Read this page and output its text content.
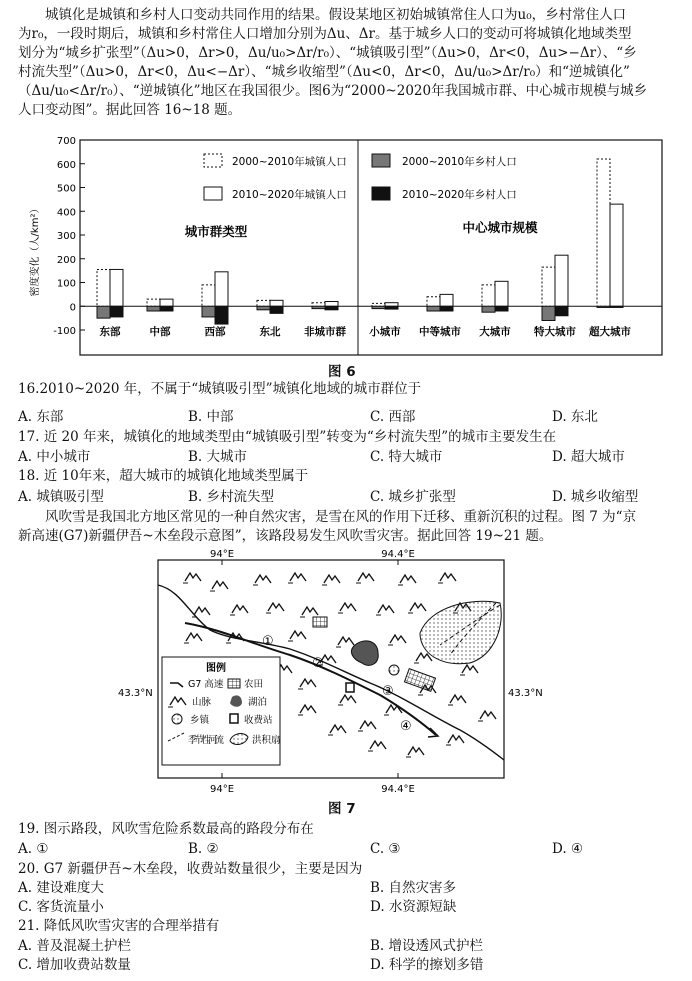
城镇化是城镇和乡村人口变动共同作用的结果。假设某地区初始城镇常住人口为u₀，乡村常住人口

为r₀，一段时期后，城镇和乡村常住人口增加分别为Δu、Δr。基于城乡人口的变动可将城镇化地域类型

划分为“城乡扩张型”（Δu>0，Δr>0，Δu/u₀>Δr/r₀）、“城镇吸引型”（Δu>0，Δr<0，Δu>−Δr）、“乡

村流失型”（Δu>0，Δr<0，Δu<−Δr）、“城乡收缩型”（Δu<0，Δr<0，Δu/u₀>Δr/r₀）和“逆城镇化”

（Δu/u₀<Δr/r₀）、“逆城镇化”地区在我国很少。图6为“2000~2020年我国城市群、中心城市规模与城乡

人口变动图”。据此回答 16~18 题。

密度变化（人/km²）
700
600
500
400
300
200
100
0
-100 东部	中部	西部	东北 非城市群 小城市 中等城市 大城市 特大城市 超大城市
城市群类型	中心城市规模
2000~2010年城镇人口
2010~2020年城镇人口
2000~2010年乡村人口
2010~2020年乡村人口
图 6

16.2010~2020 年，不属于“城镇吸引型”城镇化地域的城市群位于

A. 东部	B. 中部	C. 西部	D. 东北

17. 近 20 年来，城镇化的地域类型由“城镇吸引型”转变为“乡村流失型”的城市主要发生在

A. 中小城市	B. 大城市	C. 特大城市	D. 超大城市

18. 近 10年来，超大城市的城镇化地域类型属于

A. 城镇吸引型	B. 乡村流失型	C. 城乡扩张型	D. 城乡收缩型

风吹雪是我国北方地区常见的一种自然灾害，是雪在风的作用下迁移、重新沉积的过程。图 7 为“京

新高速(G7)新疆伊吾~木垒段示意图”，该路段易发生风吹雪灾害。据此回答 19~21 题。

94°E	94.4°E
43.3°N	43.3°N
①
②
③
④
图例
G7 高速 农田
山脉	湖泊
乡镇	收费站
季节性河流	洪积扇
94°E	94.4°E
图 7

19. 图示路段，风吹雪危险系数最高的路段分布在

A. ①	B. ②	C. ③	D. ④

20. G7 新疆伊吾~木垒段，收费站数量很少，主要是因为

A. 建设难度大	B. 自然灾害多
C. 客货流量小	D. 水资源短缺

21. 降低风吹雪灾害的合理举措有

A. 普及混凝土护栏	B. 增设透风式护栏
C. 增加收费站数量	D. 科学的擦划多错
